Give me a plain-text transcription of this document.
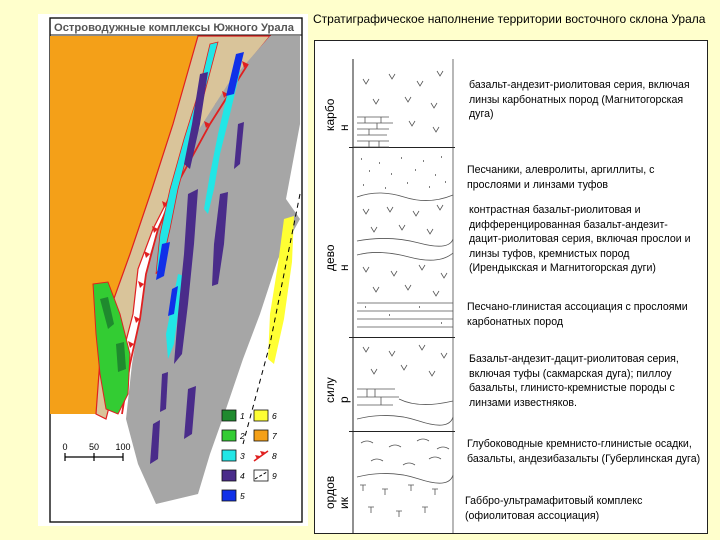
Островодужные комплексы Южного Урала
0 50 100
1
2
3
4
5
6
7
8
9
Стратиграфическое наполнение территории восточного склона Урала
карбо н
дево н
силу р
ордов ик
базальт-андезит-риолитовая серия, включая линзы карбонатных пород (Магнитогорская дуга)
Песчаники, алевролиты, аргиллиты, с прослоями и линзами туфов
контрастная базальт-риолитовая и дифференцированная базальт-андезит-дацит-риолитовая серия, включая прослои и линзы туфов, кремнистых пород (Ирендыкская и Магнитогорская дуги)
Песчано-глинистая ассоциация с прослоями карбонатных пород
Базальт-андезит-дацит-риолитовая серия, включая туфы (сакмарская дуга); пиллоу базальты, глинисто-кремнистые породы с линзами известняков.
Глубоководные кремнисто-глинистые осадки, базальты, андезибазальты (Губерлинская дуга)
Габбро-ультрамафитовый комплекс (офиолитовая ассоциация)
